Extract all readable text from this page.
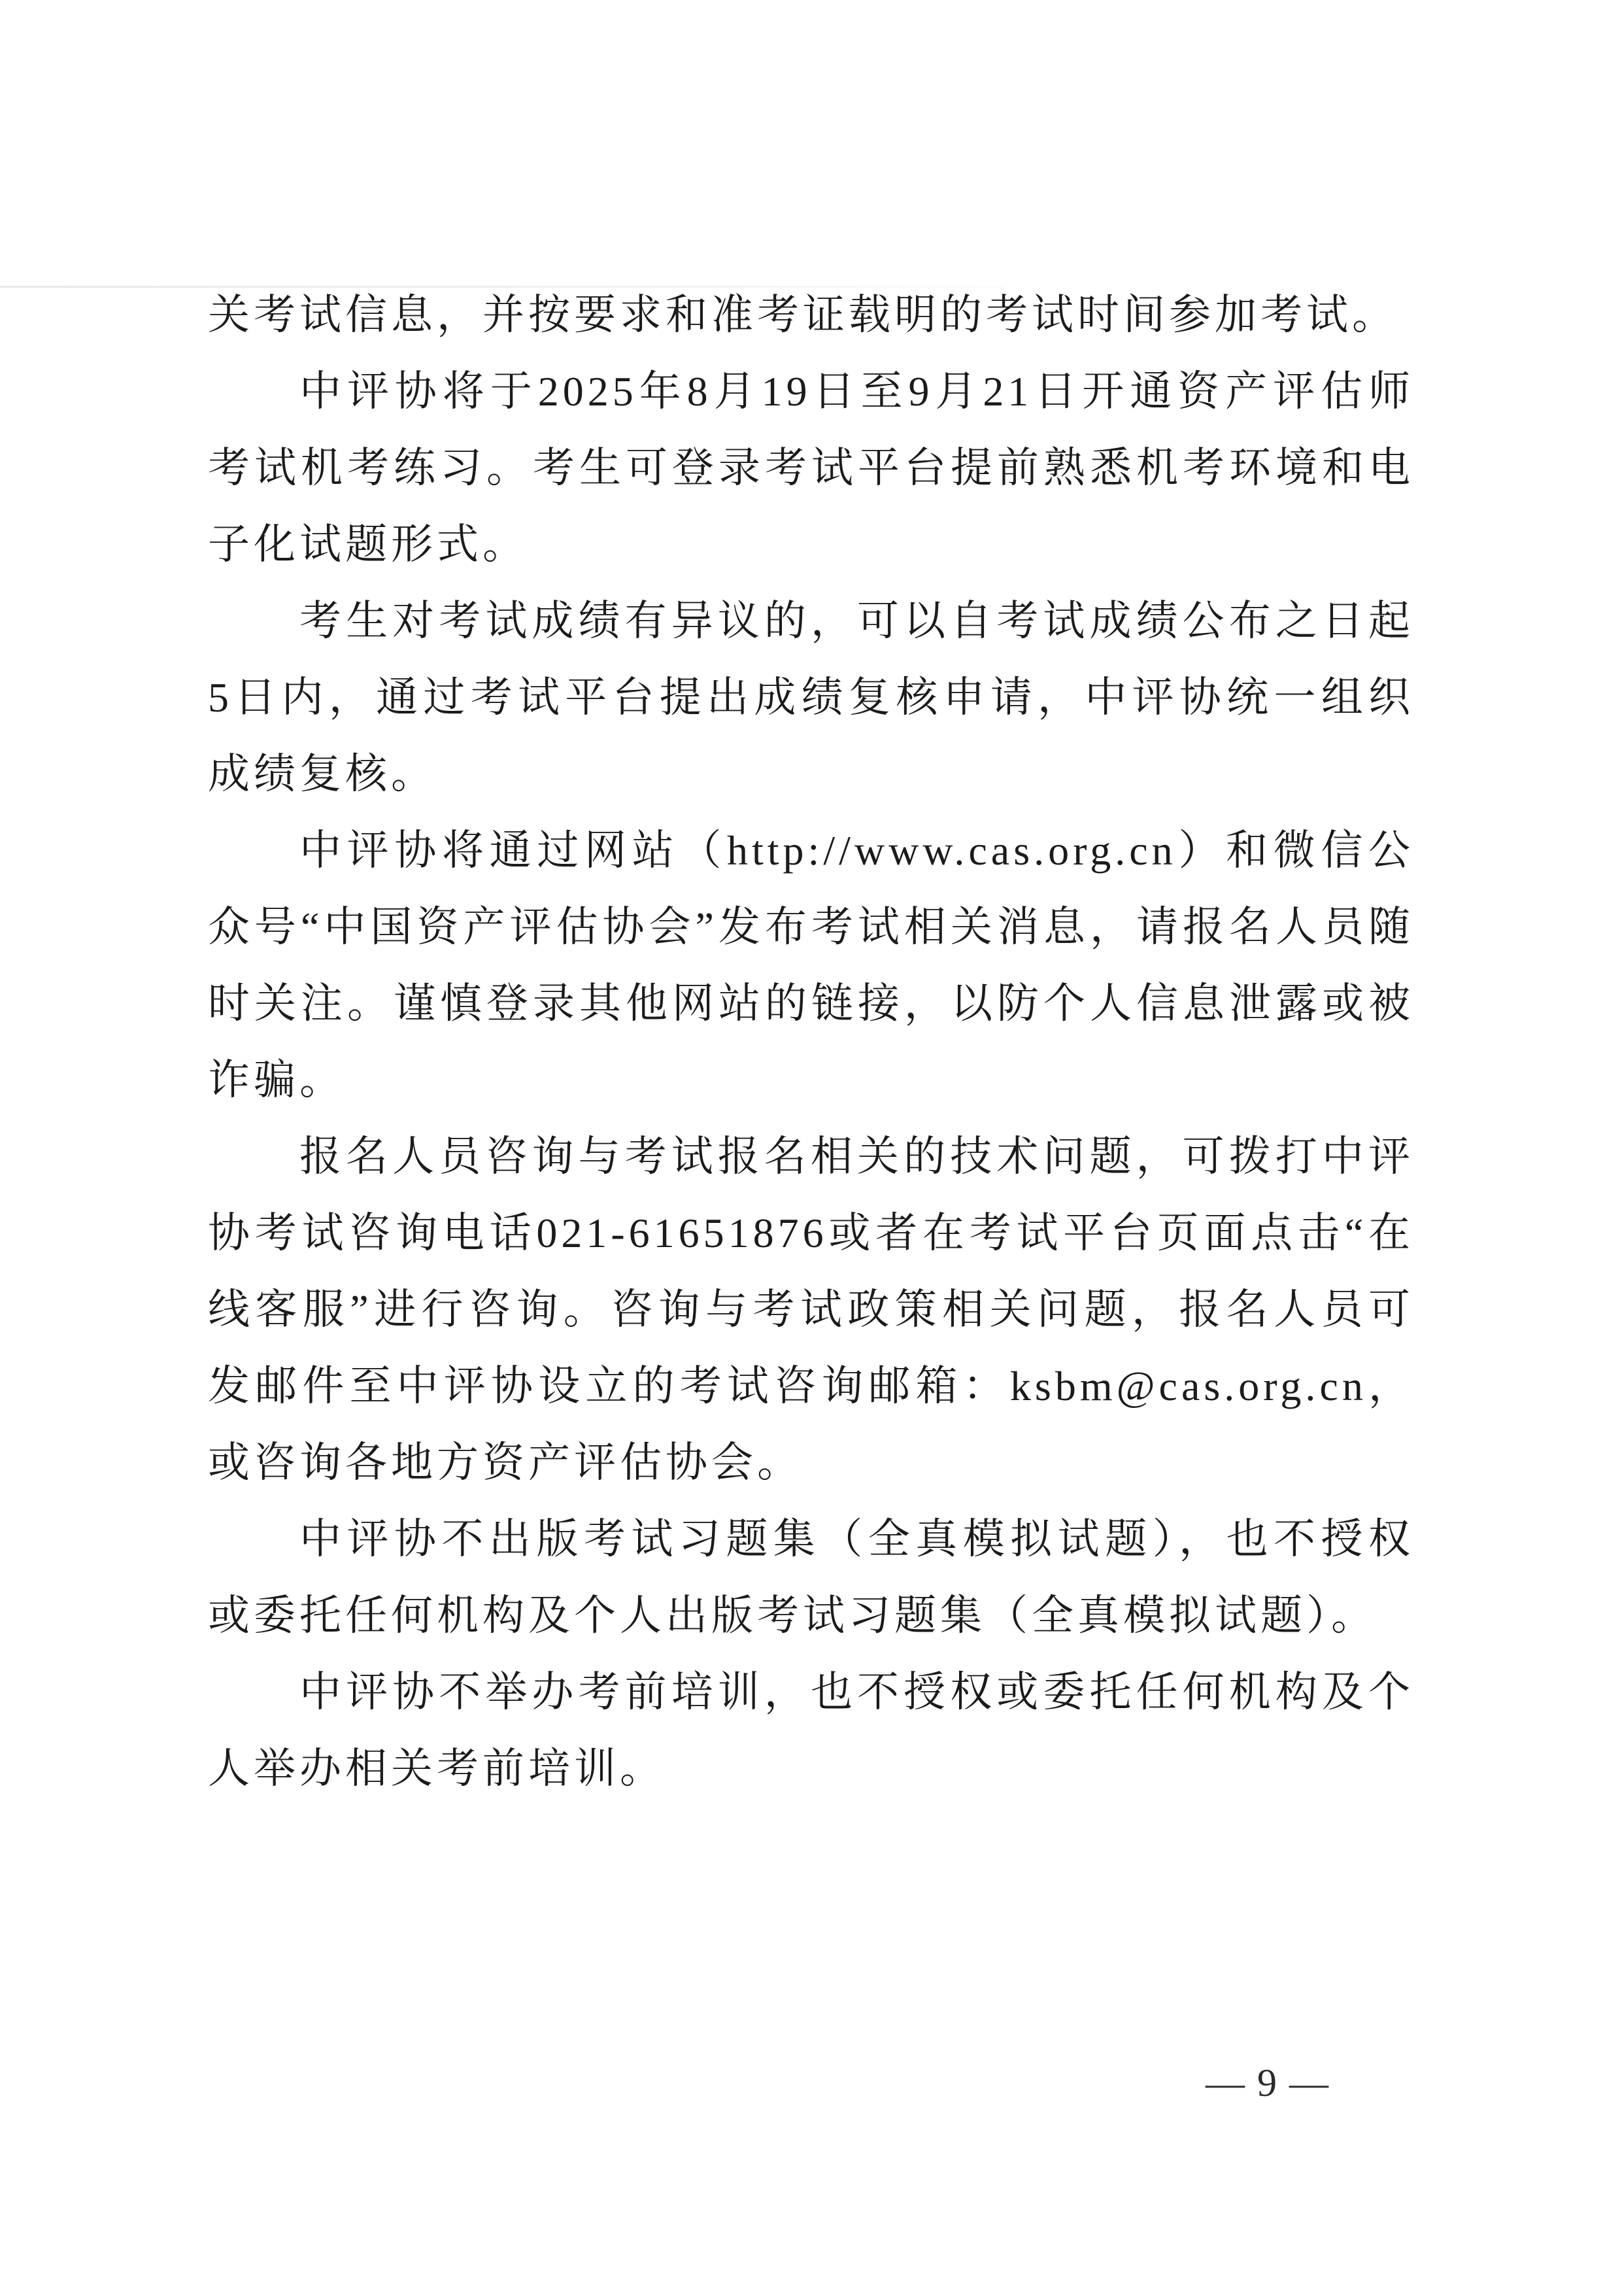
关考试信息，并按要求和准考证载明的考试时间参加考试。

中评协将于2025年8月19日至9月21日开通资产评估师考试机考练习。考生可登录考试平台提前熟悉机考环境和电子化试题形式。

考生对考试成绩有异议的，可以自考试成绩公布之日起5日内，通过考试平台提出成绩复核申请，中评协统一组织成绩复核。

中评协将通过网站（http://www.cas.org.cn）和微信公众号“中国资产评估协会”发布考试相关消息，请报名人员随时关注。谨慎登录其他网站的链接，以防个人信息泄露或被诈骗。

报名人员咨询与考试报名相关的技术问题，可拨打中评协考试咨询电话021-61651876或者在考试平台页面点击“在线客服”进行咨询。咨询与考试政策相关问题，报名人员可发邮件至中评协设立的考试咨询邮箱：ksbm@cas.org.cn，或咨询各地方资产评估协会。

中评协不出版考试习题集（全真模拟试题），也不授权或委托任何机构及个人出版考试习题集（全真模拟试题）。

中评协不举办考前培训，也不授权或委托任何机构及个人举办相关考前培训。

— 9 —
